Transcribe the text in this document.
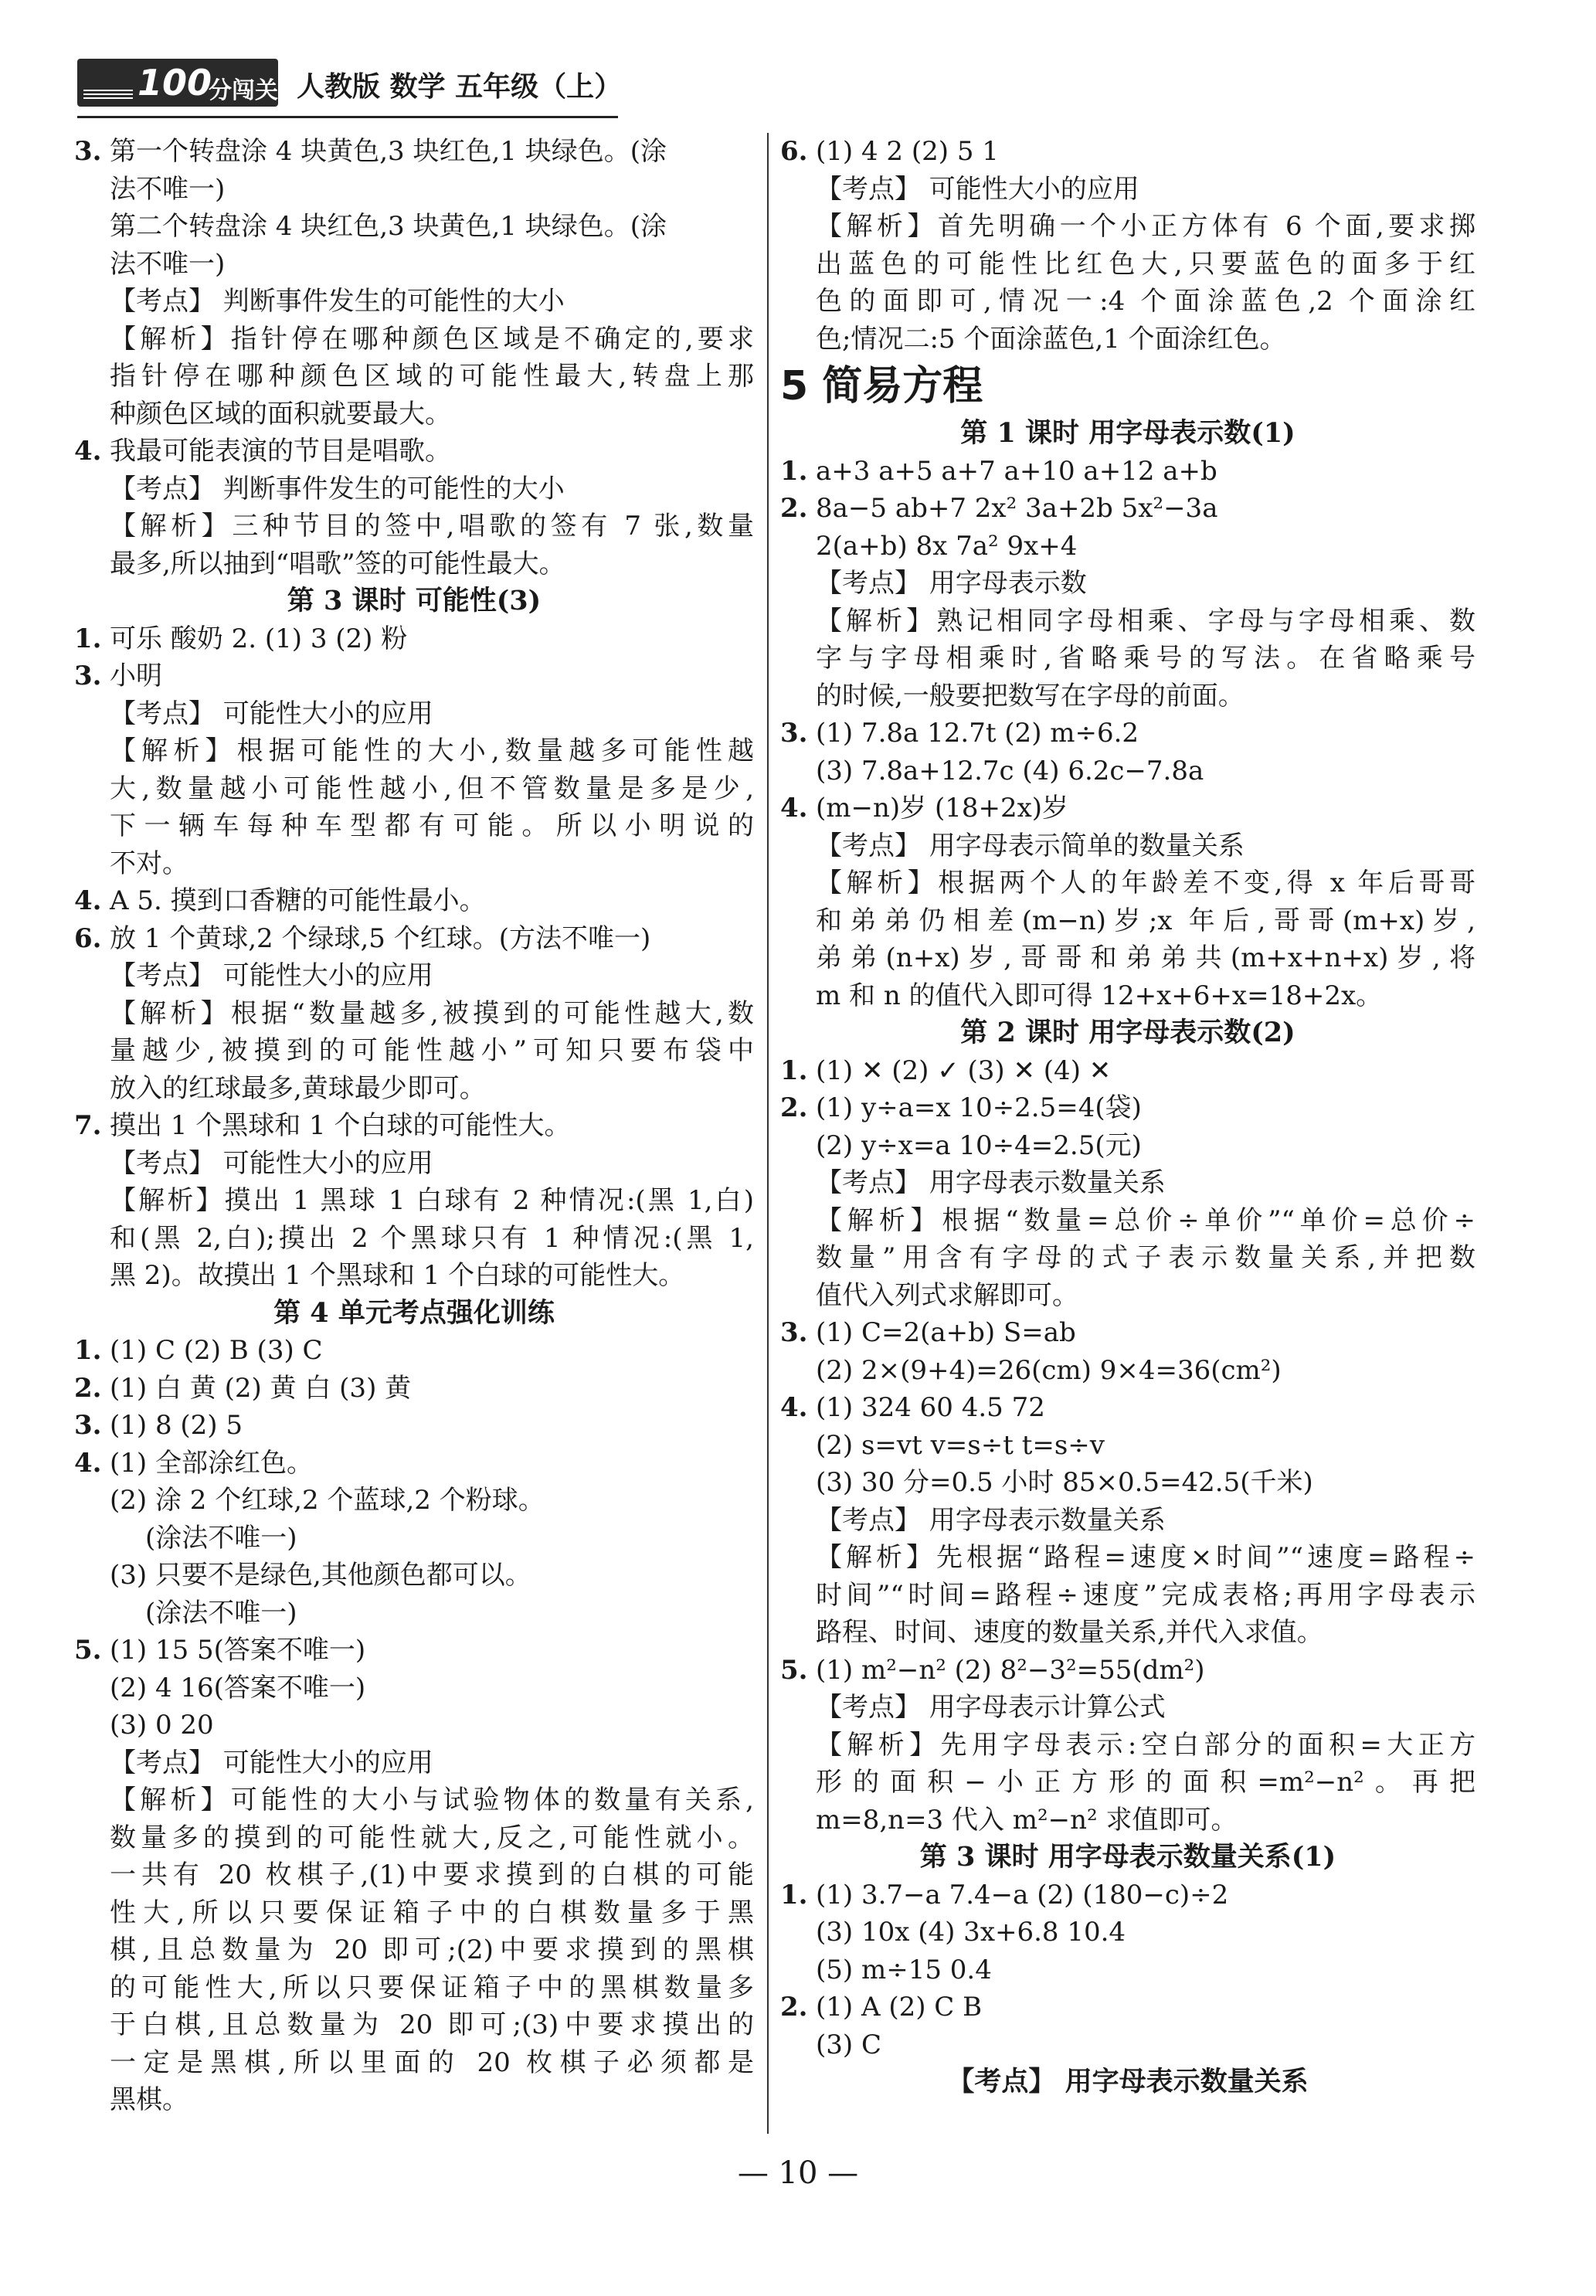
100
分闯关 人教版 数学 五年级（上）
3. 第一个转盘涂 4 块黄色,3 块红色,1 块绿色。(涂
法不唯一)
第二个转盘涂 4 块红色,3 块黄色,1 块绿色。(涂
法不唯一)
【考点】 判断事件发生的可能性的大小
【解析】指针停在哪种颜色区域是不确定的,要求
指针停在哪种颜色区域的可能性最大,转盘上那
种颜色区域的面积就要最大。
4. 我最可能表演的节目是唱歌。
【考点】 判断事件发生的可能性的大小
【解析】三种节目的签中,唱歌的签有 7 张,数量
最多,所以抽到“唱歌”签的可能性最大。
第 3 课时 可能性(3)
1. 可乐 酸奶 2. (1) 3 (2) 粉
3. 小明
【考点】 可能性大小的应用
【解析】根据可能性的大小,数量越多可能性越
大,数量越小可能性越小,但不管数量是多是少,
下一辆车每种车型都有可能。所以小明说的
不对。
4. A 5. 摸到口香糖的可能性最小。
6. 放 1 个黄球,2 个绿球,5 个红球。(方法不唯一)
【考点】 可能性大小的应用
【解析】根据“数量越多,被摸到的可能性越大,数
量越少,被摸到的可能性越小”可知只要布袋中
放入的红球最多,黄球最少即可。
7. 摸出 1 个黑球和 1 个白球的可能性大。
【考点】 可能性大小的应用
【解析】摸出 1 黑球 1 白球有 2 种情况:(黑 1,白)
和(黑 2,白);摸出 2 个黑球只有 1 种情况:(黑 1,
黑 2)。故摸出 1 个黑球和 1 个白球的可能性大。
第 4 单元考点强化训练
1. (1) C (2) B (3) C
2. (1) 白 黄 (2) 黄 白 (3) 黄
3. (1) 8 (2) 5
4. (1) 全部涂红色。
(2) 涂 2 个红球,2 个蓝球,2 个粉球。
(涂法不唯一)
(3) 只要不是绿色,其他颜色都可以。
(涂法不唯一)
5. (1) 15 5(答案不唯一)
(2) 4 16(答案不唯一)
(3) 0 20
【考点】 可能性大小的应用
【解析】可能性的大小与试验物体的数量有关系,
数量多的摸到的可能性就大,反之,可能性就小。
一共有 20 枚棋子,(1)中要求摸到的白棋的可能
性大,所以只要保证箱子中的白棋数量多于黑
棋,且总数量为 20 即可;(2)中要求摸到的黑棋
的可能性大,所以只要保证箱子中的黑棋数量多
于白棋,且总数量为 20 即可;(3)中要求摸出的
一定是黑棋,所以里面的 20 枚棋子必须都是
黑棋。
6. (1) 4 2 (2) 5 1
【考点】 可能性大小的应用
【解析】首先明确一个小正方体有 6 个面,要求掷
出蓝色的可能性比红色大,只要蓝色的面多于红
色的面即可,情况一:4 个面涂蓝色,2 个面涂红
色;情况二:5 个面涂蓝色,1 个面涂红色。
5 简易方程
第 1 课时 用字母表示数(1)
1. a+3 a+5 a+7 a+10 a+12 a+b
2. 8a−5 ab+7 2x² 3a+2b 5x²−3a
2(a+b) 8x 7a² 9x+4
【考点】 用字母表示数
【解析】熟记相同字母相乘、字母与字母相乘、数
字与字母相乘时,省略乘号的写法。在省略乘号
的时候,一般要把数写在字母的前面。
3. (1) 7.8a 12.7t (2) m÷6.2
(3) 7.8a+12.7c (4) 6.2c−7.8a
4. (m−n)岁 (18+2x)岁
【考点】 用字母表示简单的数量关系
【解析】根据两个人的年龄差不变,得 x 年后哥哥
和弟弟仍相差(m−n)岁;x 年后,哥哥(m+x)岁,
弟弟(n+x)岁,哥哥和弟弟共(m+x+n+x)岁,将
m 和 n 的值代入即可得 12+x+6+x=18+2x。
第 2 课时 用字母表示数(2)
1. (1) ✕ (2) ✓ (3) ✕ (4) ✕
2. (1) y÷a=x 10÷2.5=4(袋)
(2) y÷x=a 10÷4=2.5(元)
【考点】 用字母表示数量关系
【解析】根据“数量=总价÷单价”“单价=总价÷
数量”用含有字母的式子表示数量关系,并把数
值代入列式求解即可。
3. (1) C=2(a+b) S=ab
(2) 2×(9+4)=26(cm) 9×4=36(cm²)
4. (1) 324 60 4.5 72
(2) s=vt v=s÷t t=s÷v
(3) 30 分=0.5 小时 85×0.5=42.5(千米)
【考点】 用字母表示数量关系
【解析】先根据“路程=速度×时间”“速度=路程÷
时间”“时间=路程÷速度”完成表格;再用字母表示
路程、时间、速度的数量关系,并代入求值。
5. (1) m²−n² (2) 8²−3²=55(dm²)
【考点】 用字母表示计算公式
【解析】先用字母表示:空白部分的面积=大正方
形的面积−小正方形的面积=m²−n²。再把
m=8,n=3 代入 m²−n² 求值即可。
第 3 课时 用字母表示数量关系(1)
1. (1) 3.7−a 7.4−a (2) (180−c)÷2
(3) 10x (4) 3x+6.8 10.4
(5) m÷15 0.4
2. (1) A (2) C B
(3) C
【考点】 用字母表示数量关系
— 10 —
